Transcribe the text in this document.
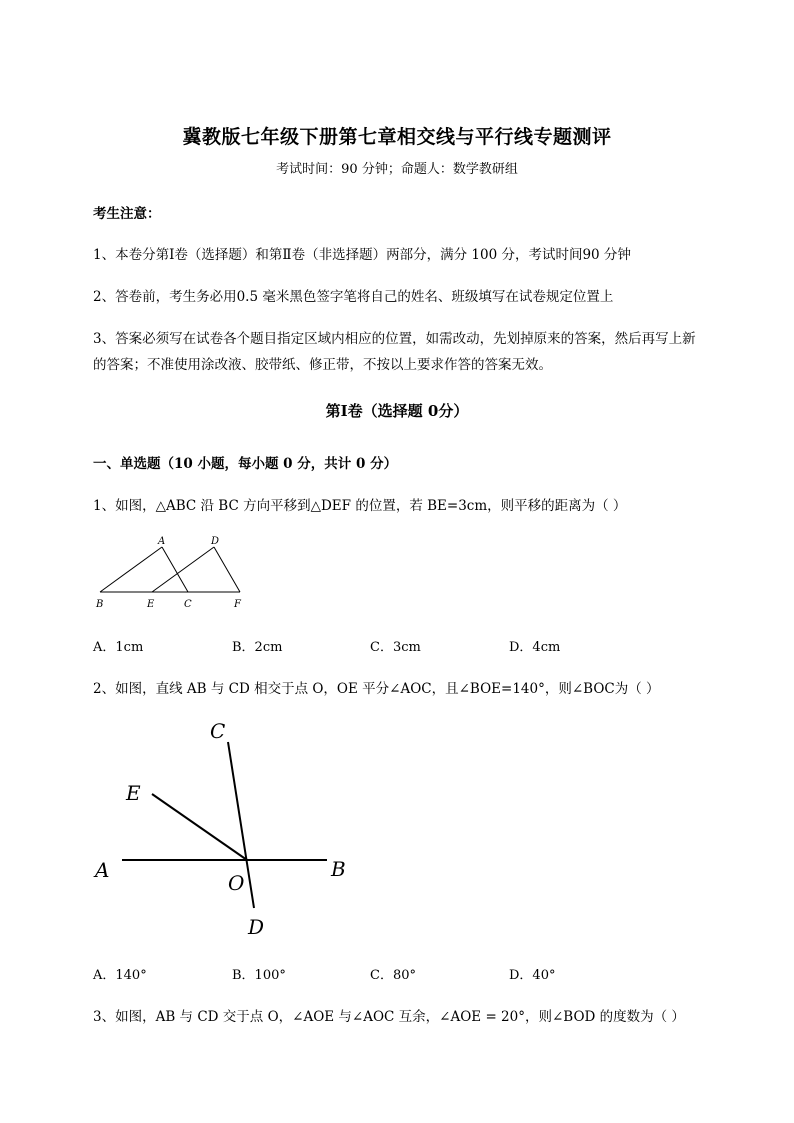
冀教版七年级下册第七章相交线与平行线专题测评
考试时间：90 分钟；命题人：数学教研组
考生注意：
1、本卷分第Ⅰ卷（选择题）和第Ⅱ卷（非选择题）两部分，满分 100 分，考试时间90 分钟
2、答卷前，考生务必用0.5 毫米黑色签字笔将自己的姓名、班级填写在试卷规定位置上
3、答案必须写在试卷各个题目指定区域内相应的位置，如需改动，先划掉原来的答案，然后再写上新
的答案；不准使用涂改液、胶带纸、修正带，不按以上要求作答的答案无效。
第Ⅰ卷（选择题 0分）
一、单选题（10 小题，每小题 0 分，共计 0 分）
1、如图，△ABC 沿 BC 方向平移到△DEF 的位置，若 BE=3cm，则平移的距离为（ ）
A	D
B	E	C	F
A．1cm	B．2cm	C．3cm	D．4cm
2、如图，直线 AB 与 CD 相交于点 O，OE 平分∠AOC，且∠BOE=140°，则∠BOC为（ ）
C
E
A
O
B
D
A．140°	B．100°	C．80°	D．40°
3、如图，AB 与 CD 交于点 O，∠AOE 与∠AOC 互余，∠AOE = 20°，则∠BOD 的度数为（ ）
